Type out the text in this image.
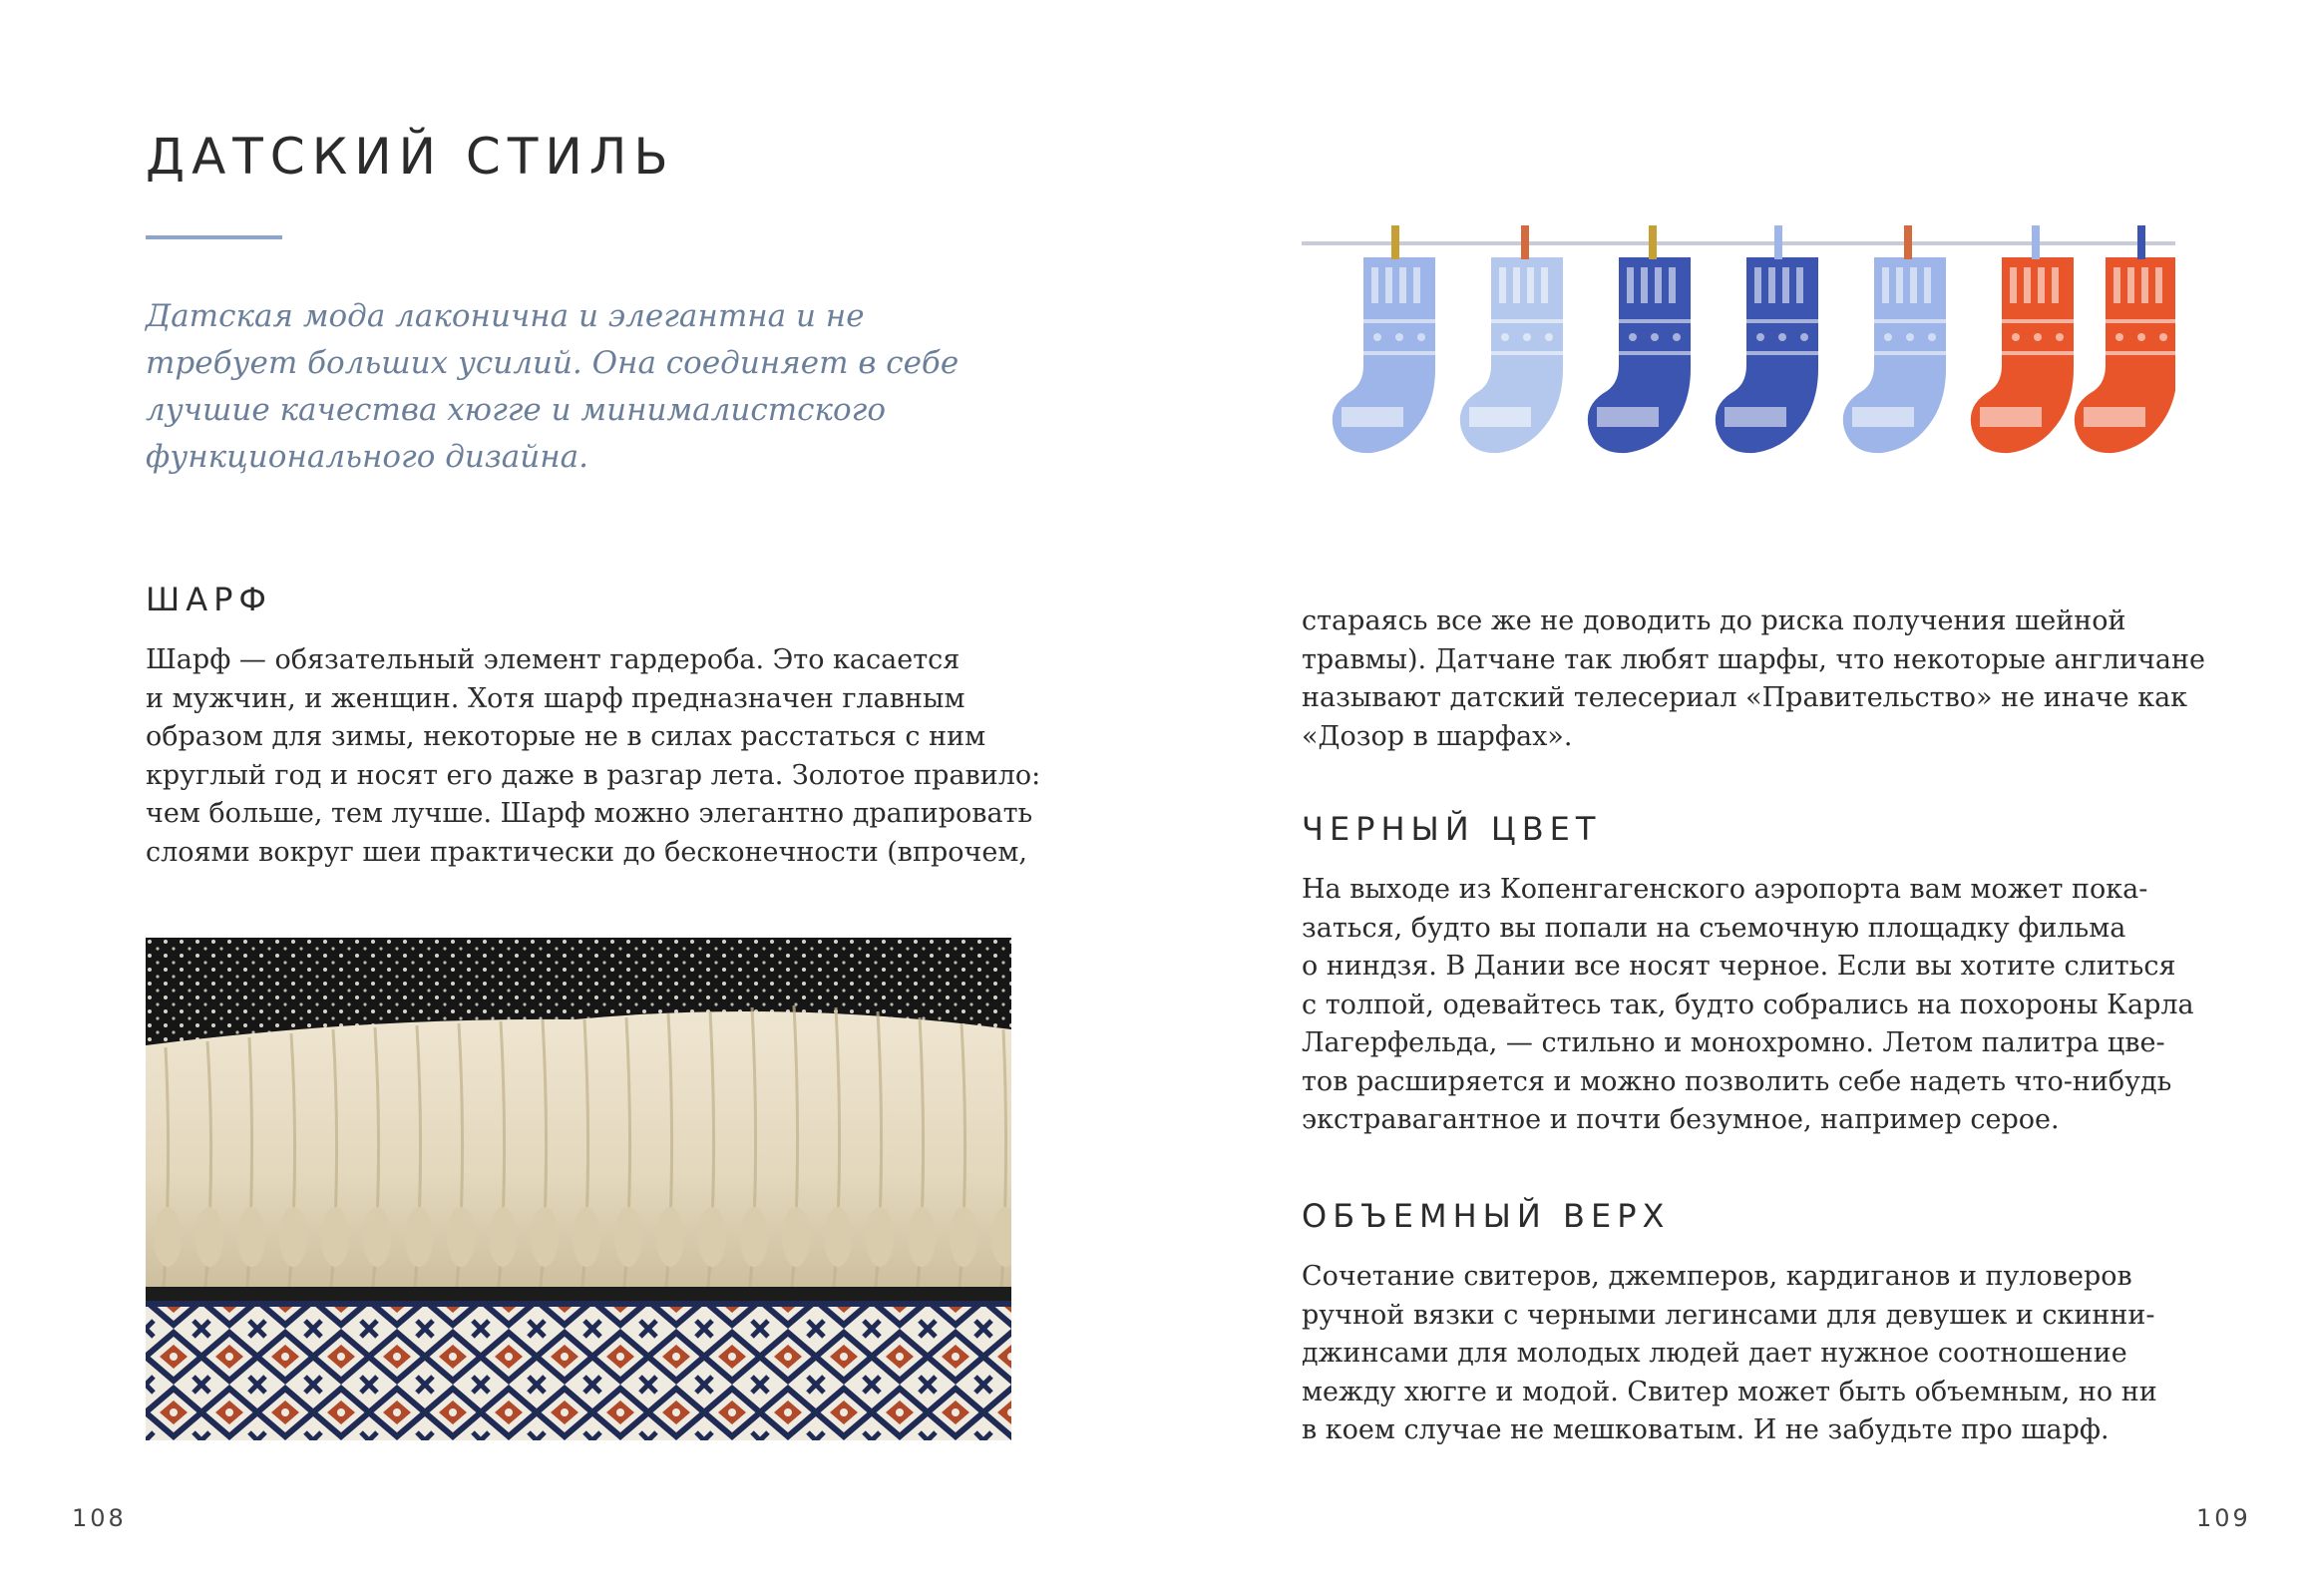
ДАТСКИЙ СТИЛЬ

Датская мода лаконична и элегантна и не
требует больших усилий. Она соединяет в себе
лучшие качества хюгге и минималистского
функционального дизайна.

ШАРФ

Шарф — обязательный элемент гардероба. Это касается
и мужчин, и женщин. Хотя шарф предназначен главным
образом для зимы, некоторые не в силах расстаться с ним
круглый год и носят его даже в разгар лета. Золотое правило:
чем больше, тем лучше. Шарф можно элегантно драпировать
слоями вокруг шеи практически до бесконечности (впрочем,

108

стараясь все же не доводить до риска получения шейной
травмы). Датчане так любят шарфы, что некоторые англичане
называют датский телесериал «Правительство» не иначе как
«Дозор в шарфах».

ЧЕРНЫЙ ЦВЕТ

На выходе из Копенгагенского аэропорта вам может пока-
заться, будто вы попали на съемочную площадку фильма
о ниндзя. В Дании все носят черное. Если вы хотите слиться
с толпой, одевайтесь так, будто собрались на похороны Карла
Лагерфельда, — стильно и монохромно. Летом палитра цве-
тов расширяется и можно позволить себе надеть что-нибудь
экстравагантное и почти безумное, например серое.

ОБЪЕМНЫЙ ВЕРХ

Сочетание свитеров, джемперов, кардиганов и пуловеров
ручной вязки с черными легинсами для девушек и скинни-
джинсами для молодых людей дает нужное соотношение
между хюгге и модой. Свитер может быть объемным, но ни
в коем случае не мешковатым. И не забудьте про шарф.

109
